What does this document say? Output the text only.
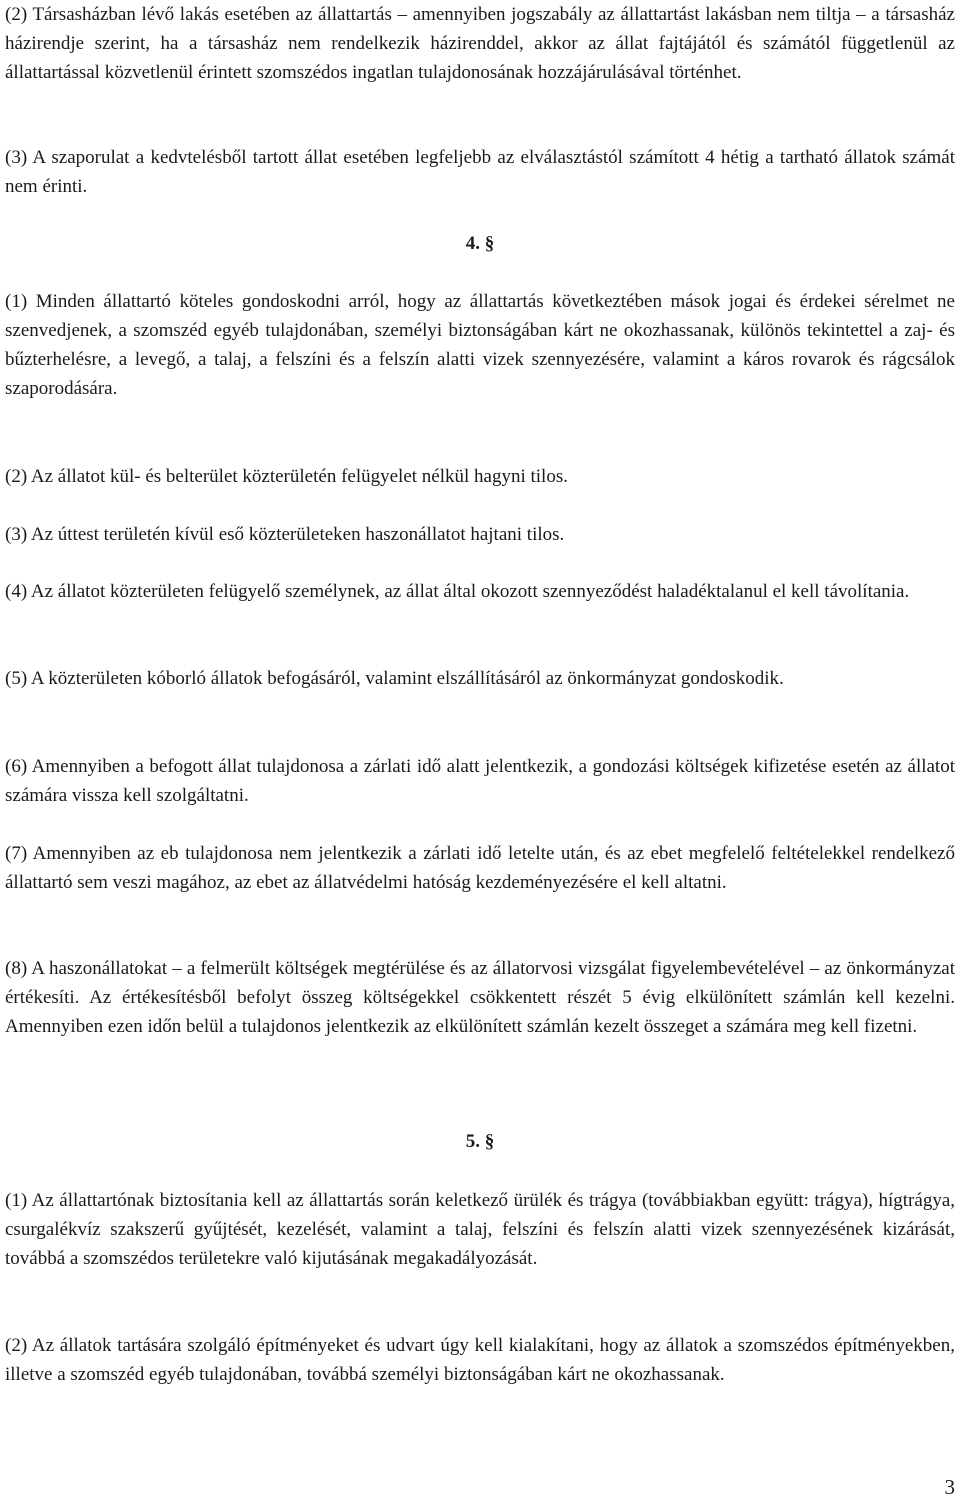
(2) Társasházban lévő lakás esetében az állattartás – amennyiben jogszabály az állattartást lakásban nem tiltja – a társasház házirendje szerint, ha a társasház nem rendelkezik házirenddel, akkor az állat fajtájától és számától függetlenül az állattartással közvetlenül érintett szomszédos ingatlan tulajdonosának hozzájárulásával történhet.

(3) A szaporulat a kedvtelésből tartott állat esetében legfeljebb az elválasztástól számított 4 hétig a tartható állatok számát nem érinti.

4. §

(1) Minden állattartó köteles gondoskodni arról, hogy az állattartás következtében mások jogai és érdekei sérelmet ne szenvedjenek, a szomszéd egyéb tulajdonában, személyi biztonságában kárt ne okozhassanak, különös tekintettel a zaj- és bűzterhelésre, a levegő, a talaj, a felszíni és a felszín alatti vizek szennyezésére, valamint a káros rovarok és rágcsálok szaporodására.

(2) Az állatot kül- és belterület közterületén felügyelet nélkül hagyni tilos.

(3) Az úttest területén kívül eső közterületeken haszonállatot hajtani tilos.

(4) Az állatot közterületen felügyelő személynek, az állat által okozott szennyeződést haladéktalanul el kell távolítania.

(5) A közterületen kóborló állatok befogásáról, valamint elszállításáról az önkormányzat gondoskodik.

(6) Amennyiben a befogott állat tulajdonosa a zárlati idő alatt jelentkezik, a gondozási költségek kifizetése esetén az állatot számára vissza kell szolgáltatni.

(7) Amennyiben az eb tulajdonosa nem jelentkezik a zárlati idő letelte után, és az ebet megfelelő feltételekkel rendelkező állattartó sem veszi magához, az ebet az állatvédelmi hatóság kezdeményezésére el kell altatni.

(8) A haszonállatokat – a felmerült költségek megtérülése és az állatorvosi vizsgálat figyelembevételével – az önkormányzat értékesíti. Az értékesítésből befolyt összeg költségekkel csökkentett részét 5 évig elkülönített számlán kell kezelni. Amennyiben ezen időn belül a tulajdonos jelentkezik az elkülönített számlán kezelt összeget a számára meg kell fizetni.

5. §

(1) Az állattartónak biztosítania kell az állattartás során keletkező ürülék és trágya (továbbiakban együtt: trágya), hígtrágya, csurgalékvíz szakszerű gyűjtését, kezelését, valamint a talaj, felszíni és felszín alatti vizek szennyezésének kizárását, továbbá a szomszédos területekre való kijutásának megakadályozását.

(2) Az állatok tartására szolgáló építményeket és udvart úgy kell kialakítani, hogy az állatok a szomszédos építményekben, illetve a szomszéd egyéb tulajdonában, továbbá személyi biztonságában kárt ne okozhassanak.

3
